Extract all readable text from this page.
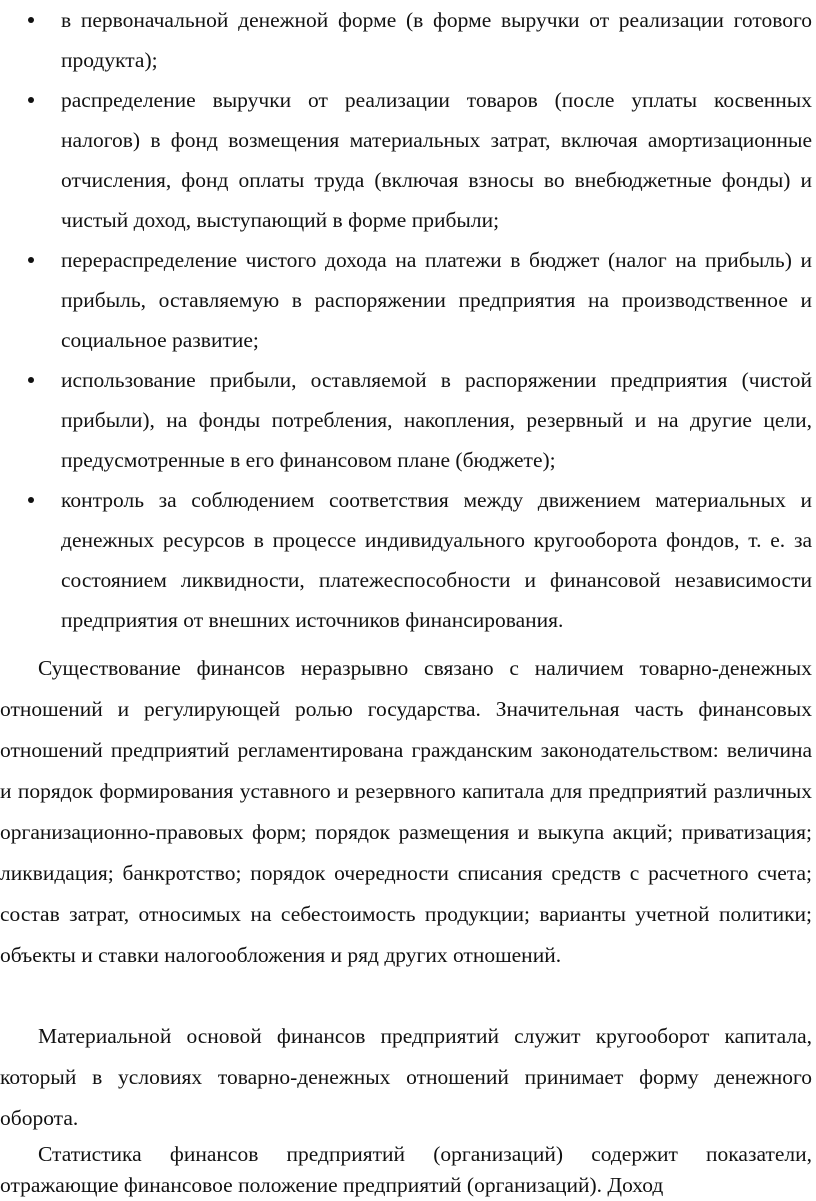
в первоначальной денежной форме (в форме выручки от реализации готового продукта);
распределение выручки от реализации товаров (после уплаты косвенных налогов) в фонд возмещения материальных затрат, включая амортизационные отчисления, фонд оплаты труда (включая взносы во внебюджетные фонды) и чистый доход, выступающий в форме прибыли;
перераспределение чистого дохода на платежи в бюджет (налог на прибыль) и прибыль, оставляемую в распоряжении предприятия на производственное и социальное развитие;
использование прибыли, оставляемой в распоряжении предприятия (чистой прибыли), на фонды потребления, накопления, резервный и на другие цели, предусмотренные в его финансовом плане (бюджете);
контроль за соблюдением соответствия между движением материальных и денежных ресурсов в процессе индивидуального кругооборота фондов, т. е. за состоянием ликвидности, платежеспособности и финансовой независимости предприятия от внешних источников финансирования.

Существование финансов неразрывно связано с наличием товарно-денежных отношений и регулирующей ролью государства. Значительная часть финансовых отношений предприятий регламентирована гражданским законодательством: величина и порядок формирования уставного и резервного капитала для предприятий различных организационно-правовых форм; порядок размещения и выкупа акций; приватизация; ликвидация; банкротство; порядок очередности списания средств с расчетного счета; состав затрат, относимых на себестоимость продукции; варианты учетной политики; объекты и ставки налогообложения и ряд других отношений.

Материальной основой финансов предприятий служит кругооборот капитала, который в условиях товарно-денежных отношений принимает форму денежного оборота.

Статистика финансов предприятий (организаций) содержит показатели, отражающие финансовое положение предприятий (организаций). Доход
